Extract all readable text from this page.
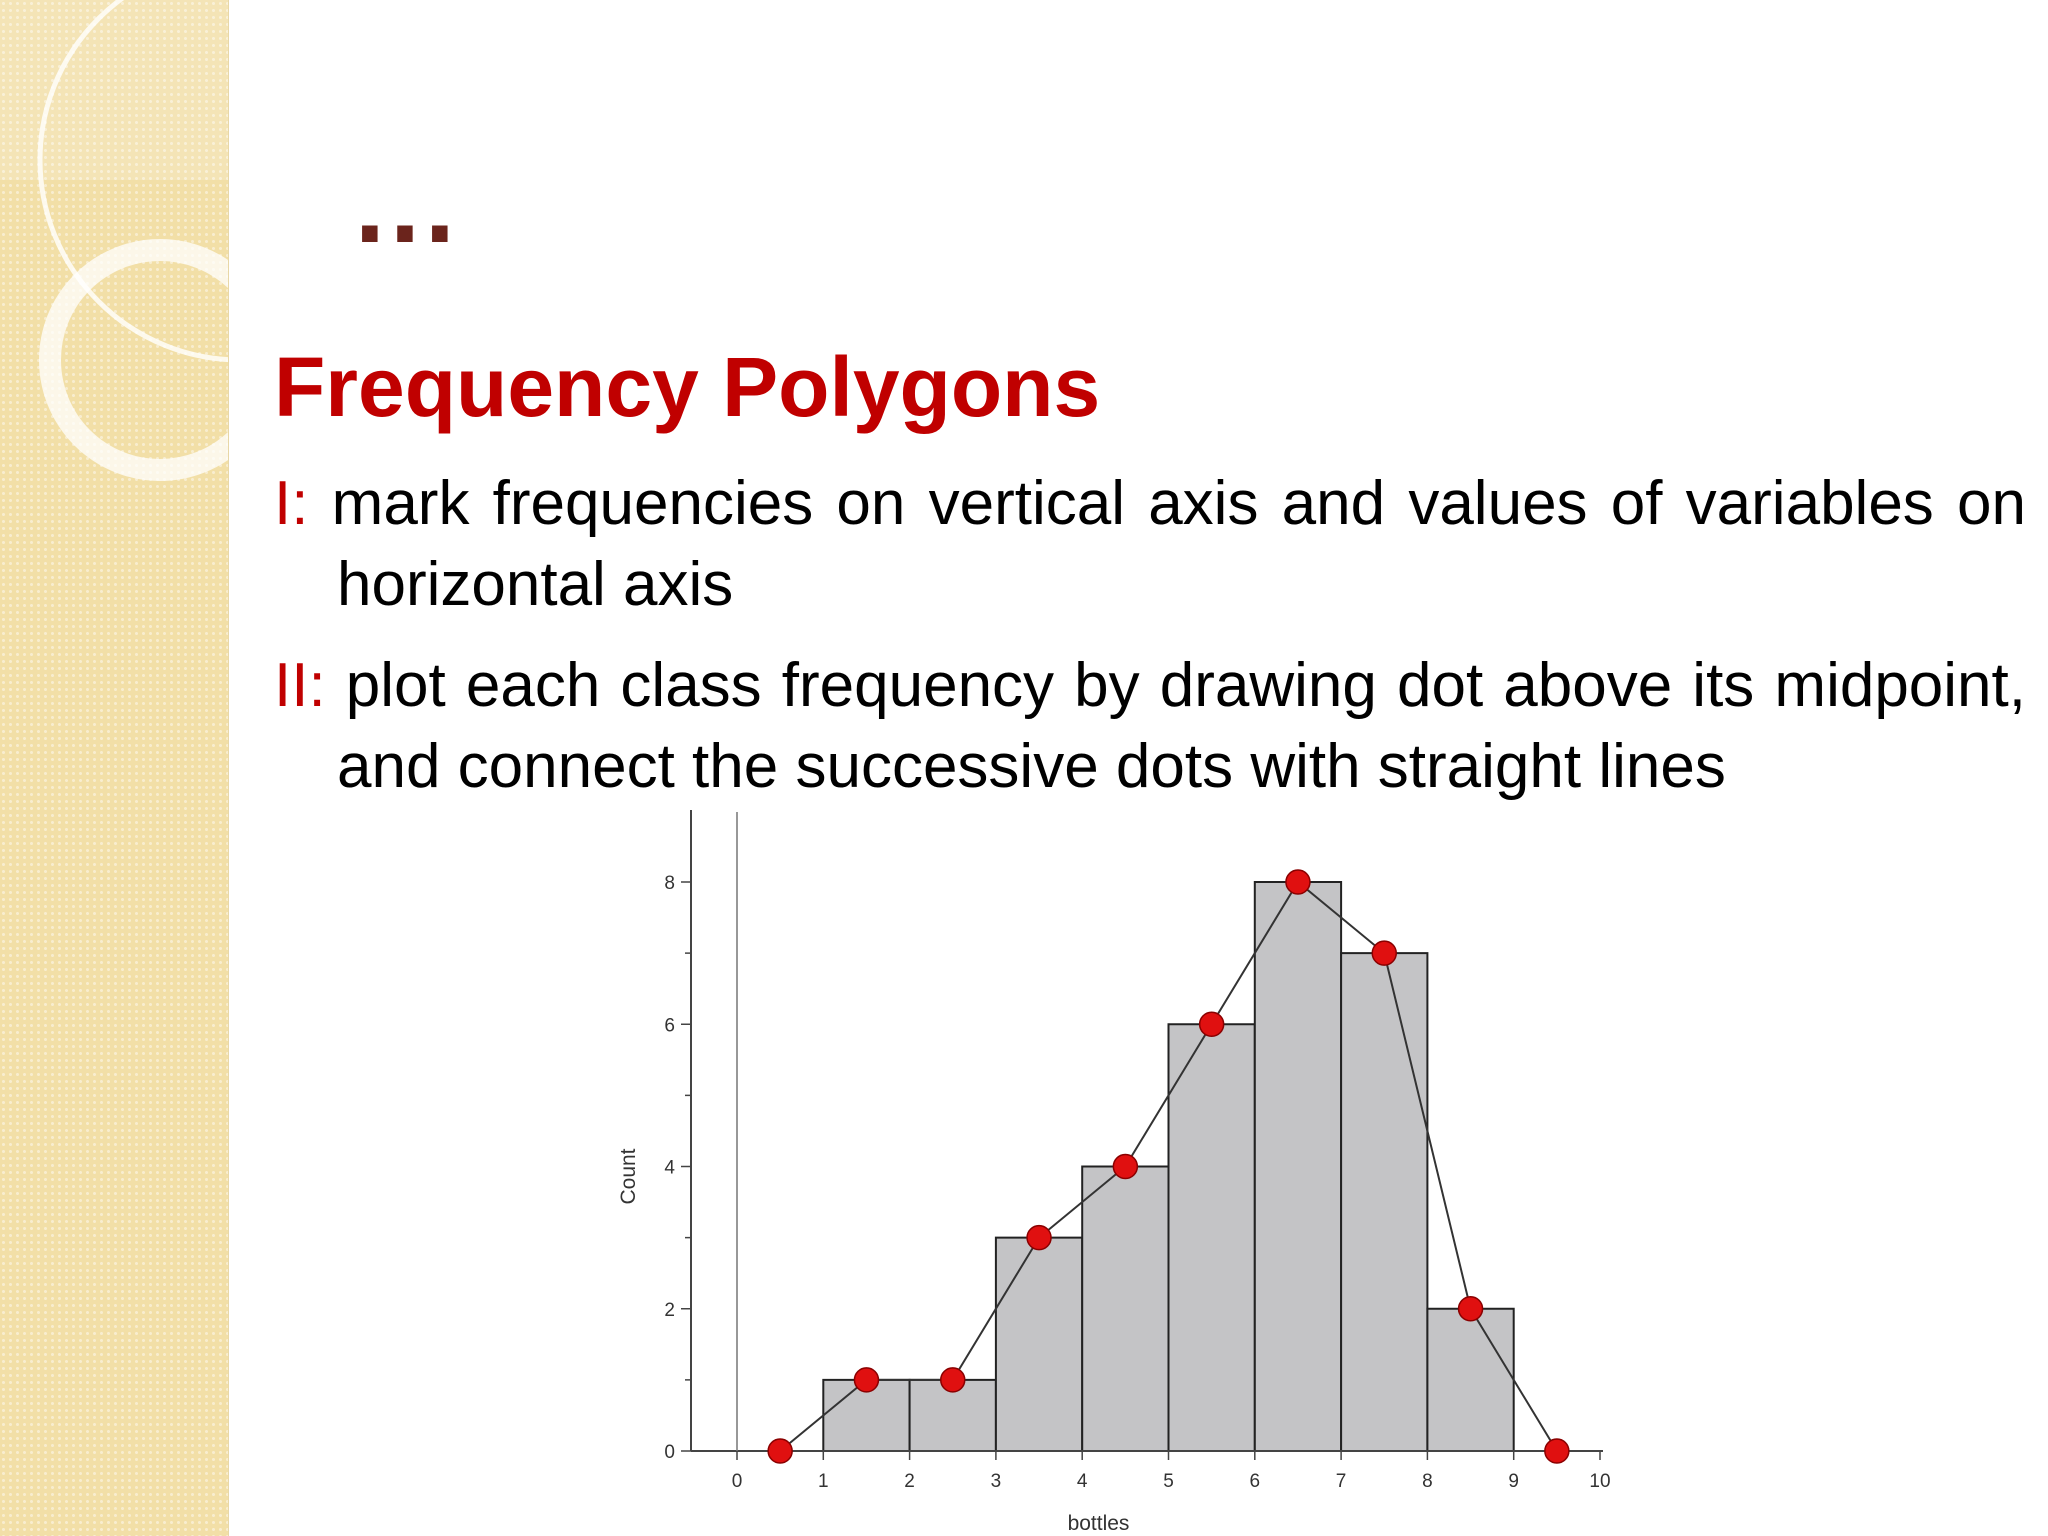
…
Frequency Polygons
I: mark frequencies on vertical axis and values of variables on horizontal axis
II: plot each class frequency by drawing dot above its midpoint, and connect the successive dots with straight lines
0
2
4
6
8
0	1	2	3	4	5	6	7	8	9	10
bottles
Count
